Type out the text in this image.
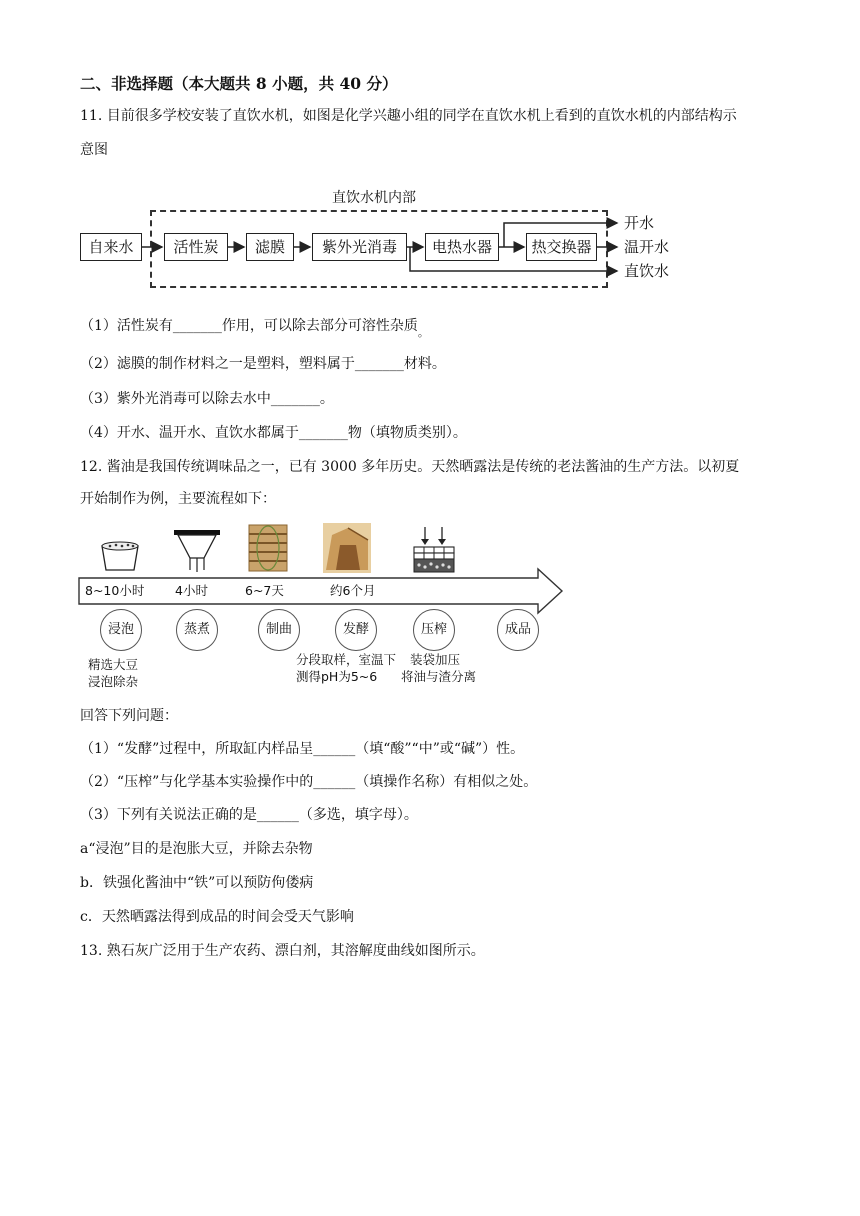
二、非选择题（本大题共 8 小题，共 40 分）
11. 目前很多学校安装了直饮水机，如图是化学兴趣小组的同学在直饮水机上看到的直饮水机的内部结构示
意图
直饮水机内部
自来水	活性炭	滤膜	紫外光消毒	电热水器	热交换器
开水
温开水
直饮水
（1）活性炭有_______作用，可以除去部分可溶性杂质$_。$
（2）滤膜的制作材料之一是塑料，塑料属于_______材料。
（3）紫外光消毒可以除去水中_______。
（4）开水、温开水、直饮水都属于_______物（填物质类别）。
12. 酱油是我国传统调味品之一，已有 3000 多年历史。天然晒露法是传统的老法酱油的生产方法。以初夏
开始制作为例，主要流程如下：
8~10小时 4小时	6~7天	约6个月
浸泡	蒸煮	制曲	发酵	压榨	成品
精选大豆
浸泡除杂
分段取样，室温下
测得pH为5~6
装袋加压
将油与渣分离
回答下列问题：
（1）“发酵”过程中，所取缸内样品呈______（填“酸”“中”或“碱”）性。
（2）“压榨”与化学基本实验操作中的______（填操作名称）有相似之处。
（3）下列有关说法正确的是______（多选，填字母）。
a“浸泡”目的是泡胀大豆，并除去杂物
b．铁强化酱油中“铁”可以预防佝偻病
c．天然晒露法得到成品的时间会受天气影响
13. 熟石灰广泛用于生产农药、漂白剂，其溶解度曲线如图所示。
